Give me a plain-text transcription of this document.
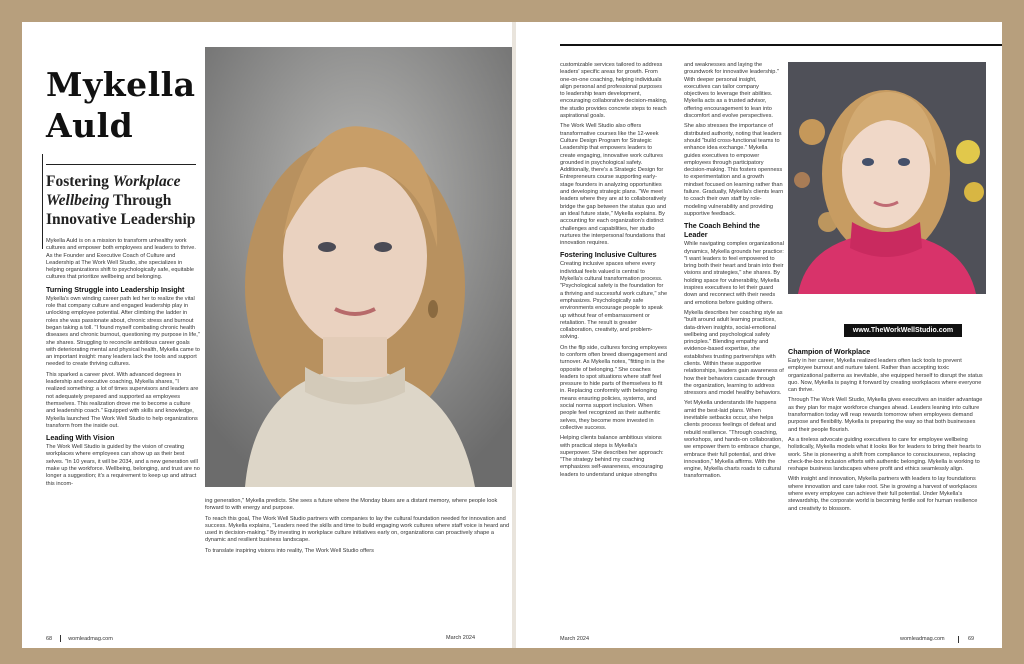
Mykella Auld
Fostering Workplace Wellbeing Through Innovative Leadership

Mykella Auld is on a mission to transform unhealthy work cultures and empower both employees and leaders to thrive. As the Founder and Executive Coach of Culture and Leadership at The Work Well Studio, she specializes in helping organizations shift to psychologically safe, equitable cultures that prioritize wellbeing and belonging.

Turning Struggle into Leadership Insight

Mykella's own winding career path led her to realize the vital role that company culture and engaged leadership play in unlocking employee potential. After climbing the ladder in roles she was passionate about, chronic stress and burnout began taking a toll. "I found myself combating chronic health diseases and chronic burnout, questioning my purpose in life," she shares. Struggling to reconcile ambitious career goals with deteriorating mental and physical health, Mykella came to an important insight: many leaders lack the tools and support needed to create thriving cultures.

This sparked a career pivot. With advanced degrees in leadership and executive coaching, Mykella shares, "I realized something: a lot of times supervisors and leaders are not adequately prepared and supported as employees themselves. This realization drove me to become a culture and leadership coach." Equipped with skills and knowledge, Mykella launched The Work Well Studio to help organizations transform from the inside out.

Leading With Vision

The Work Well Studio is guided by the vision of creating workplaces where employees can show up as their best selves. "In 10 years, it will be 2034, and a new generation will make up the workforce. Wellbeing, belonging, and trust are no longer a suggestion; it's a requirement to keep up and attract this incom-

ing generation," Mykella predicts. She sees a future where the Monday blues are a distant memory, where people look forward to with energy and purpose.

To reach this goal, The Work Well Studio partners with companies to lay the cultural foundation needed for innovation and success. Mykella explains, "Leaders need the skills and time to build engaging work cultures where staff voice is heard and used in decision-making." By investing in workplace culture initiatives early on, organizations can proactively shape a dynamic and resilient business landscape.

To translate inspiring visions into reality, The Work Well Studio offers

68	womleadmag.com	March 2024

customizable services tailored to address leaders' specific areas for growth. From one-on-one coaching, helping individuals align personal and professional purposes to leadership team development, encouraging collaborative decision-making, the studio provides concrete steps to reach aspirational goals.

The Work Well Studio also offers transformative courses like the 12-week Culture Design Program for Strategic Leadership that empowers leaders to create engaging, innovative work cultures grounded in psychological safety. Additionally, there's a Strategic Design for Entrepreneurs course supporting early-stage founders in analyzing opportunities and developing strategic plans. "We meet leaders where they are at to collaboratively bridge the gap between the status quo and an ideal future state," Mykella explains. By accounting for each organization's distinct challenges and capabilities, her studio nurtures the interpersonal foundations that innovation requires.

Fostering Inclusive Cultures

Creating inclusive spaces where every individual feels valued is central to Mykella's cultural transformation process. "Psychological safety is the foundation for a thriving and successful work culture," she emphasizes. Psychologically safe environments encourage people to speak up without fear of embarrassment or retaliation. The result is greater collaboration, creativity, and problem-solving.

On the flip side, cultures forcing employees to conform often breed disengagement and turnover. As Mykella notes, "fitting in is the opposite of belonging." She coaches leaders to spot situations where staff feel pressure to hide parts of themselves to fit in. Replacing conformity with belonging means ensuring policies, systems, and social norms support inclusion. When people feel recognized as their authentic selves, they become more invested in collective success.

Helping clients balance ambitious visions with practical steps is Mykella's superpower. She describes her approach: "The strategy behind my coaching emphasizes self-awareness, encouraging leaders to understand unique strengths

and weaknesses and laying the groundwork for innovative leadership." With deeper personal insight, executives can tailor company objectives to leverage their abilities. Mykella acts as a trusted advisor, offering encouragement to lean into discomfort and evolve perspectives.

She also stresses the importance of distributed authority, noting that leaders should "build cross-functional teams to enhance idea exchange." Mykella guides executives to empower employees through participatory decision-making. This fosters openness to experimentation and a growth mindset focused on learning rather than failure. Gradually, Mykella's clients learn to coach their own staff by role-modeling vulnerability and providing supportive feedback.

The Coach Behind the Leader

While navigating complex organizational dynamics, Mykella grounds her practice: "I want leaders to feel empowered to bring both their heart and brain into their visions and strategies," she shares. By holding space for vulnerability, Mykella inspires executives to let their guard down and reconnect with their needs and emotions before guiding others.

Mykella describes her coaching style as "built around adult learning practices, data-driven insights, social-emotional wellbeing and psychological safety principles." Blending empathy and evidence-based expertise, she establishes trusting partnerships with clients. Within these supportive relationships, leaders gain awareness of how their behaviors cascade through the organization, learning to address stressors and model healthy behaviors.

Yet Mykella understands life happens amid the best-laid plans. When inevitable setbacks occur, she helps clients process feelings of defeat and rebuild resilience. "Through coaching, workshops, and hands-on collaboration, we empower them to embrace change, embrace their full potential, and drive innovation," Mykella affirms. With the engine, Mykella charts roads to cultural transformation.

www.TheWorkWellStudio.com
Champion of Workplace

Early in her career, Mykella realized leaders often lack tools to prevent employee burnout and nurture talent. Rather than accepting toxic organizational patterns as inevitable, she equipped herself to disrupt the status quo. Now, Mykella is paying it forward by creating workplaces where everyone can thrive.

Through The Work Well Studio, Mykella gives executives an insider advantage as they plan for major workforce changes ahead. Leaders leaning into culture transformation today will reap rewards tomorrow when employees demand purpose and flexibility. Mykella is preparing the way so that both businesses and their people flourish.

As a tireless advocate guiding executives to care for employee wellbeing holistically, Mykella models what it looks like for leaders to bring their hearts to work. She is pioneering a shift from compliance to consciousness, replacing check-the-box inclusion efforts with authentic belonging. Mykella is working to reshape business landscapes where profit and ethics seamlessly align.

With insight and innovation, Mykella partners with leaders to lay foundations where innovation and care take root. She is growing a harvest of workplaces where every employee can achieve their full potential. Under Mykella's stewardship, the corporate world is becoming fertile soil for human resilience and creativity to blossom.

March 2024	womleadmag.com	69
